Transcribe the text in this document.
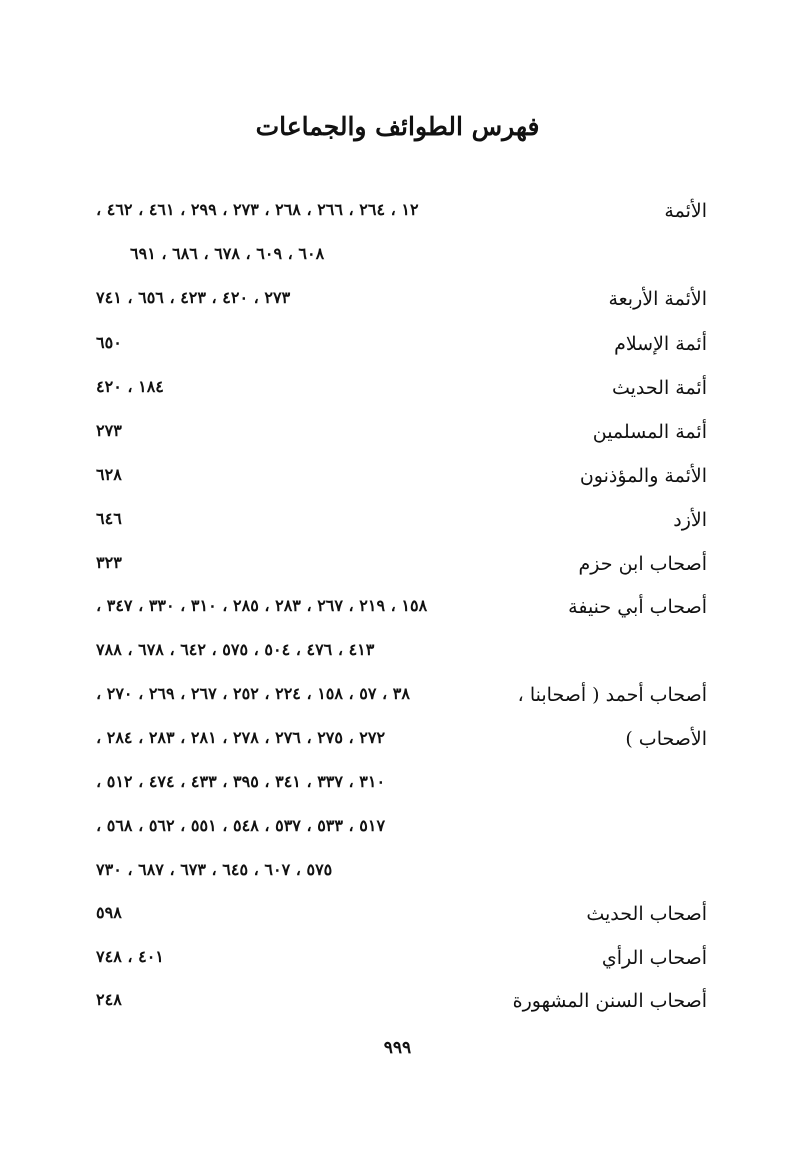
فهرس الطوائف والجماعات
الأئمة
١٢ ، ٢٦٤ ، ٢٦٦ ، ٢٦٨ ، ٢٧٣ ، ٢٩٩ ، ٤٦١ ، ٤٦٢ ،
٦٠٨ ، ٦٠٩ ، ٦٧٨ ، ٦٨٦ ، ٦٩١
الأئمة الأربعة
٢٧٣ ، ٤٢٠ ، ٤٢٣ ، ٦٥٦ ، ٧٤١
أئمة الإسلام
٦٥٠
أئمة الحديث
١٨٤ ، ٤٢٠
أئمة المسلمين
٢٧٣
الأئمة والمؤذنون
٦٢٨
الأزد
٦٤٦
أصحاب ابن حزم
٣٢٣
أصحاب أبي حنيفة
١٥٨ ، ٢١٩ ، ٢٦٧ ، ٢٨٣ ، ٢٨٥ ، ٣١٠ ، ٣٣٠ ، ٣٤٧ ،
٤١٣ ، ٤٧٦ ، ٥٠٤ ، ٥٧٥ ، ٦٤٢ ، ٦٧٨ ، ٧٨٨
أصحاب أحمد ( أصحابنا ،
٣٨ ، ٥٧ ، ١٥٨ ، ٢٢٤ ، ٢٥٢ ، ٢٦٧ ، ٢٦٩ ، ٢٧٠ ،
الأصحاب )
٢٧٢ ، ٢٧٥ ، ٢٧٦ ، ٢٧٨ ، ٢٨١ ، ٢٨٣ ، ٢٨٤ ،
٣١٠ ، ٣٣٧ ، ٣٤١ ، ٣٩٥ ، ٤٣٣ ، ٤٧٤ ، ٥١٢ ،
٥١٧ ، ٥٣٣ ، ٥٣٧ ، ٥٤٨ ، ٥٥١ ، ٥٦٢ ، ٥٦٨ ،
٥٧٥ ، ٦٠٧ ، ٦٤٥ ، ٦٧٣ ، ٦٨٧ ، ٧٣٠
أصحاب الحديث
٥٩٨
أصحاب الرأي
٤٠١ ، ٧٤٨
أصحاب السنن المشهورة
٢٤٨
٩٩٩
